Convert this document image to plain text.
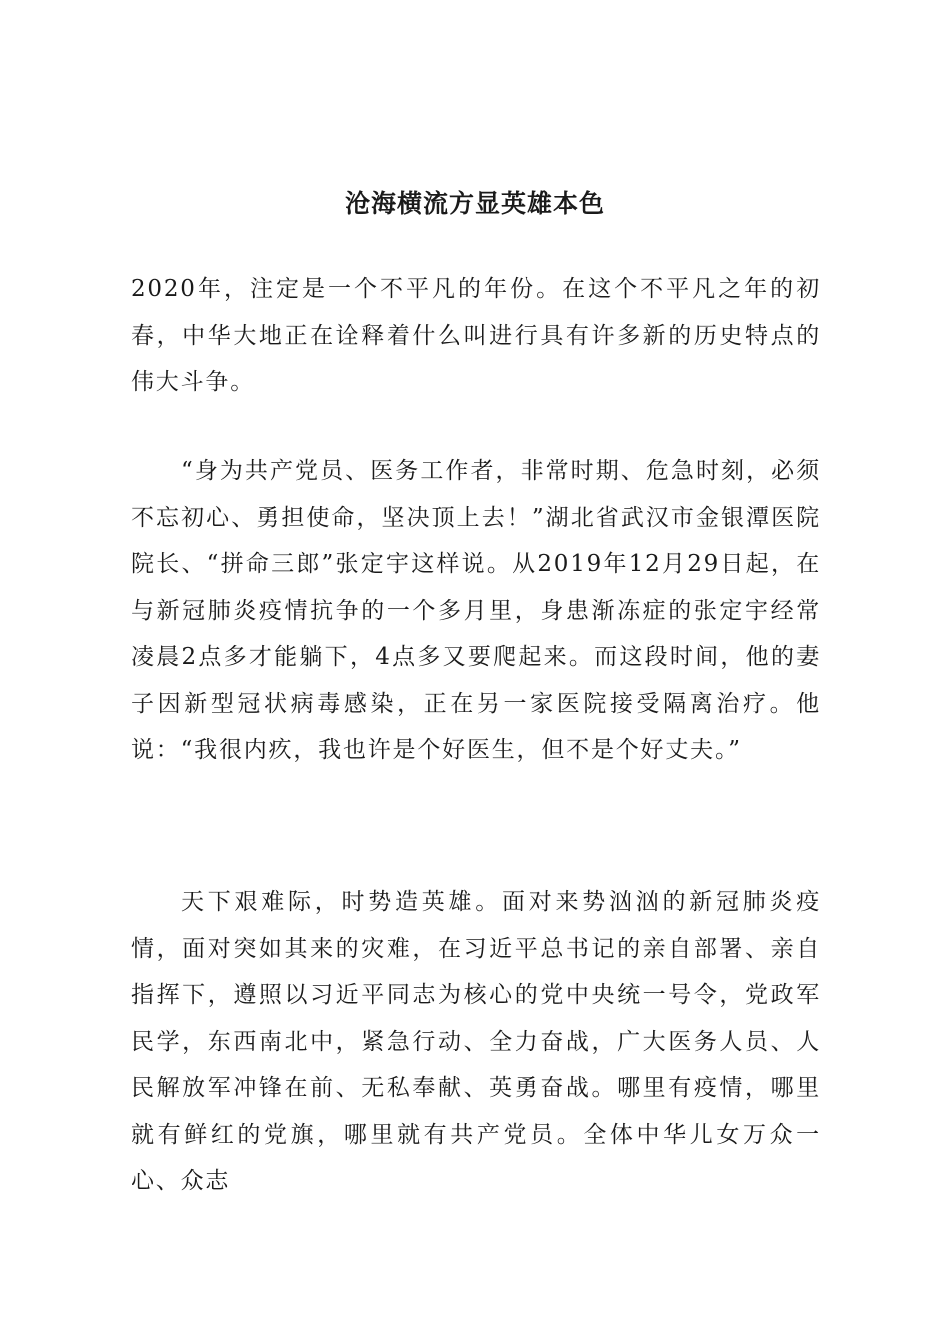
沧海横流方显英雄本色

2020年，注定是一个不平凡的年份。在这个不平凡之年的初春，中华大地正在诠释着什么叫进行具有许多新的历史特点的伟大斗争。

“身为共产党员、医务工作者，非常时期、危急时刻，必须不忘初心、勇担使命，坚决顶上去！”湖北省武汉市金银潭医院院长、“拼命三郎”张定宇这样说。从2019年12月29日起，在与新冠肺炎疫情抗争的一个多月里，身患渐冻症的张定宇经常凌晨2点多才能躺下，4点多又要爬起来。而这段时间，他的妻子因新型冠状病毒感染，正在另一家医院接受隔离治疗。他说：“我很内疚，我也许是个好医生，但不是个好丈夫。”

天下艰难际，时势造英雄。面对来势汹汹的新冠肺炎疫情，面对突如其来的灾难，在习近平总书记的亲自部署、亲自指挥下，遵照以习近平同志为核心的党中央统一号令，党政军民学，东西南北中，紧急行动、全力奋战，广大医务人员、人民解放军冲锋在前、无私奉献、英勇奋战。哪里有疫情，哪里就有鲜红的党旗，哪里就有共产党员。全体中华儿女万众一心、众志
